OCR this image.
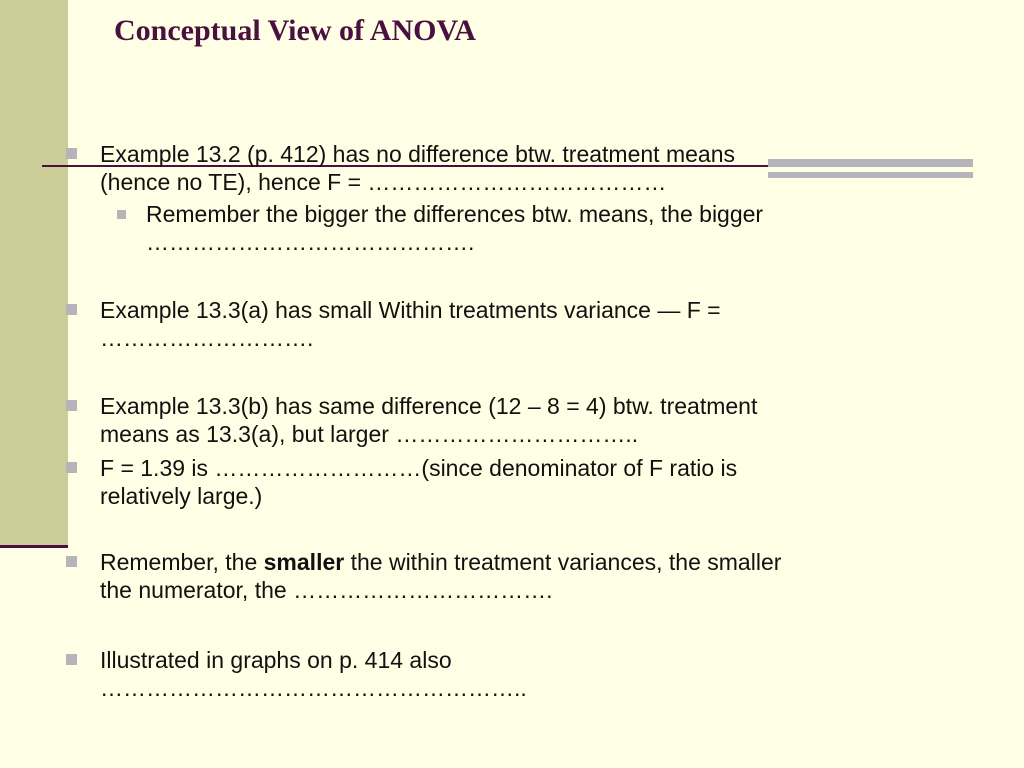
Conceptual View of ANOVA
Example 13.2 (p. 412) has no difference btw. treatment means
(hence no TE), hence F = …………………………………
Remember the bigger the differences btw. means, the bigger
…………………………………….
Example 13.3(a) has small Within treatments variance — F =
……………………….
Example 13.3(b) has same difference (12 – 8 = 4) btw. treatment
means as 13.3(a), but larger …………………………..
F = 1.39 is ………………………(since denominator of F ratio is
relatively large.)
Remember, the smaller the within treatment variances, the smaller
the numerator, the …………………………….
Illustrated in graphs on p. 414 also
………………………………………………..
